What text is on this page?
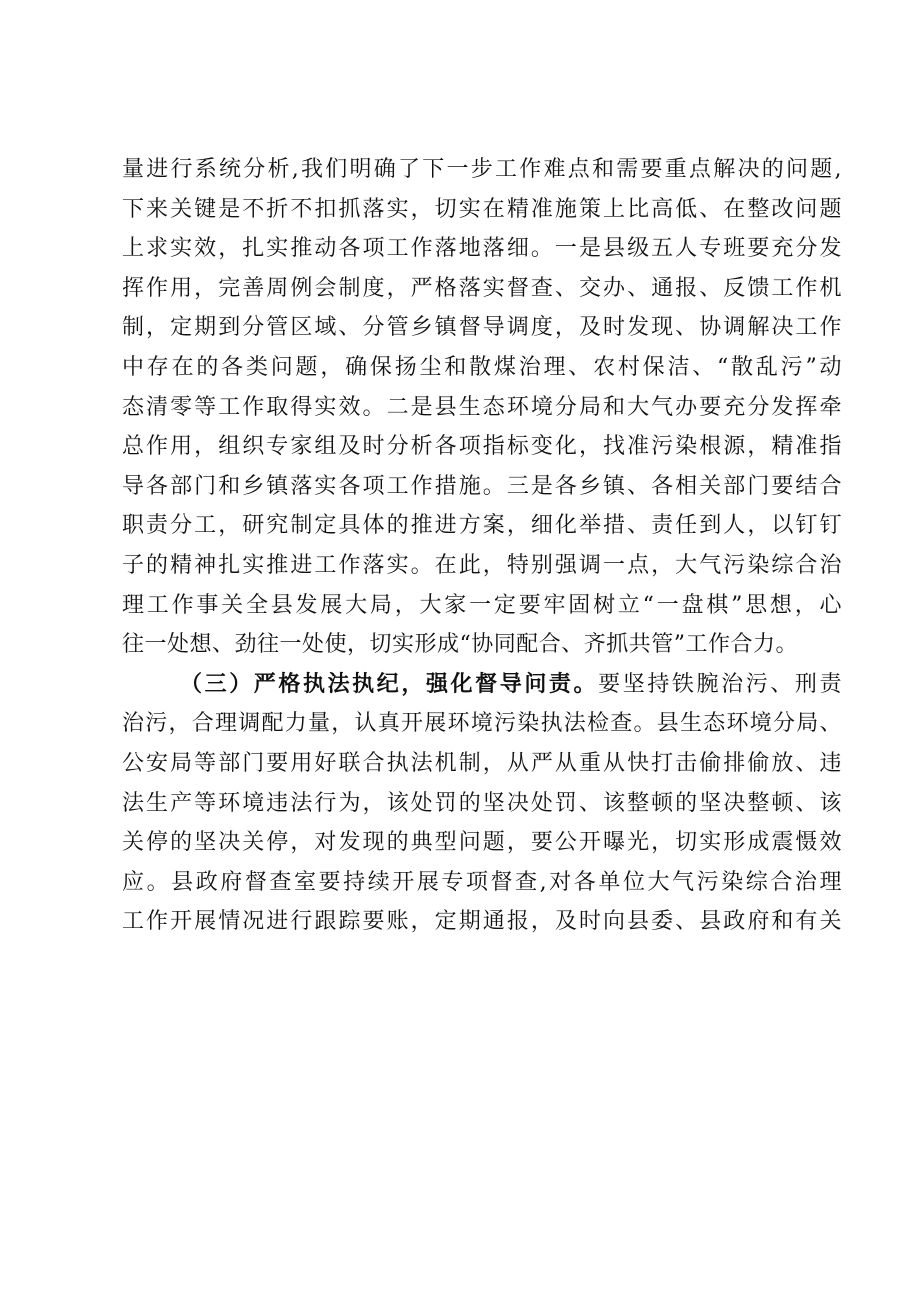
量进行系统分析,我们明确了下一步工作难点和需要重点解决的问题,
下来关键是不折不扣抓落实，切实在精准施策上比高低、在整改问题
上求实效，扎实推动各项工作落地落细。一是县级五人专班要充分发
挥作用，完善周例会制度，严格落实督查、交办、通报、反馈工作机
制，定期到分管区域、分管乡镇督导调度，及时发现、协调解决工作
中存在的各类问题，确保扬尘和散煤治理、农村保洁、“散乱污”动
态清零等工作取得实效。二是县生态环境分局和大气办要充分发挥牵
总作用，组织专家组及时分析各项指标变化，找准污染根源，精准指
导各部门和乡镇落实各项工作措施。三是各乡镇、各相关部门要结合
职责分工，研究制定具体的推进方案，细化举措、责任到人，以钉钉
子的精神扎实推进工作落实。在此，特别强调一点，大气污染综合治
理工作事关全县发展大局，大家一定要牢固树立“一盘棋”思想，心
往一处想、劲往一处使，切实形成“协同配合、齐抓共管”工作合力。
（三）严格执法执纪，强化督导问责。要坚持铁腕治污、刑责
治污，合理调配力量，认真开展环境污染执法检查。县生态环境分局、
公安局等部门要用好联合执法机制，从严从重从快打击偷排偷放、违
法生产等环境违法行为，该处罚的坚决处罚、该整顿的坚决整顿、该
关停的坚决关停，对发现的典型问题，要公开曝光，切实形成震慑效
应。县政府督查室要持续开展专项督查,对各单位大气污染综合治理
工作开展情况进行跟踪要账，定期通报，及时向县委、县政府和有关
